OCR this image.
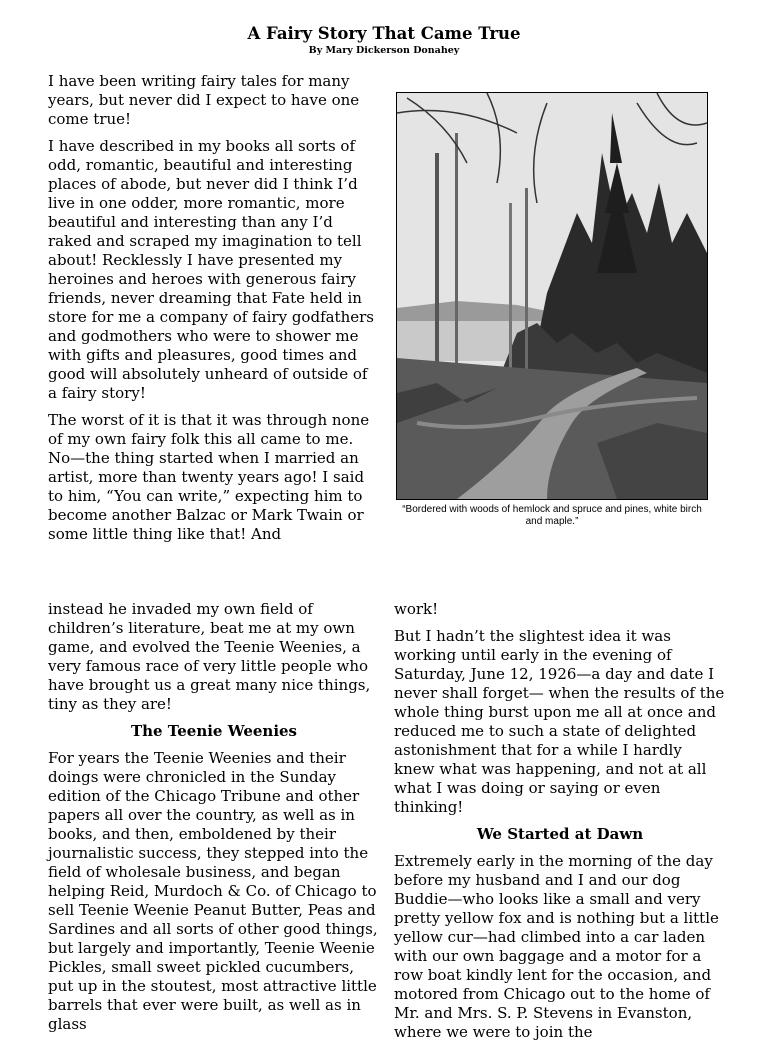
A Fairy Story That Came True
By Mary Dickerson Donahey

I have been writing fairy tales for many years, but never did I expect to have one come true!

I have described in my books all sorts of odd, romantic, beautiful and interesting places of abode, but never did I think I’d live in one odder, more romantic, more beautiful and interesting than any I’d raked and scraped my imagination to tell about! Recklessly I have presented my heroines and heroes with generous fairy friends, never dreaming that Fate held in store for me a company of fairy godfathers and godmothers who were to shower me with gifts and pleasures, good times and good will absolutely unheard of outside of a fairy story!

The worst of it is that it was through none of my own fairy folk this all came to me. No—the thing started when I married an artist, more than twenty years ago! I said to him, “You can write,” expecting him to become another Balzac or Mark Twain or some little thing like that! And

“Bordered with woods of hemlock and spruce and pines, white birch and maple.”

instead he invaded my own field of children’s literature, beat me at my own game, and evolved the Teenie Weenies, a very famous race of very little people who have brought us a great many nice things, tiny as they are!

The Teenie Weenies

For years the Teenie Weenies and their doings were chronicled in the Sunday edition of the Chicago Tribune and other papers all over the country, as well as in books, and then, emboldened by their journalistic success, they stepped into the field of wholesale business, and began helping Reid, Murdoch & Co. of Chicago to sell Teenie Weenie Peanut Butter, Peas and Sardines and all sorts of other good things, but largely and importantly, Teenie Weenie Pickles, small sweet pickled cucumbers, put up in the stoutest, most attractive little barrels that ever were built, as well as in glass

work!

But I hadn’t the slightest idea it was working until early in the evening of Saturday, June 12, 1926—a day and date I never shall forget— when the results of the whole thing burst upon me all at once and reduced me to such a state of delighted astonishment that for a while I hardly knew what was happening, and not at all what I was doing or saying or even thinking!

We Started at Dawn

Extremely early in the morning of the day before my husband and I and our dog Buddie—who looks like a small and very pretty yellow fox and is nothing but a little yellow cur—had climbed into a car laden with our own baggage and a motor for a row boat kindly lent for the occasion, and motored from Chicago out to the home of Mr. and Mrs. S. P. Stevens in Evanston, where we were to join the
